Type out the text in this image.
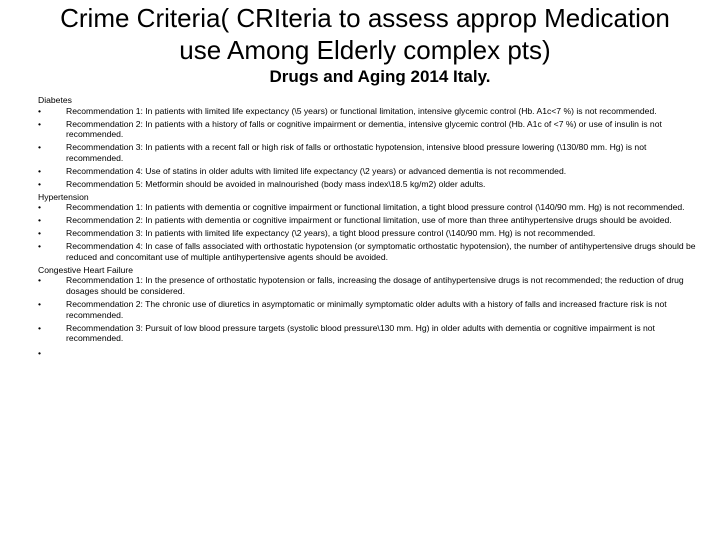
Crime Criteria( CRIteria to assess approp Medication use Among Elderly complex pts)
Drugs and Aging 2014 Italy.
Diabetes
•	Recommendation 1: In patients with limited life expectancy (\5 years) or functional limitation, intensive glycemic control (Hb. A1c<7 %) is not recommended.
•	Recommendation 2: In patients with a history of falls or cognitive impairment or dementia, intensive glycemic control (Hb. A1c of <7 %) or use of insulin is not recommended.
•	Recommendation 3: In patients with a recent fall or high risk of falls or orthostatic hypotension, intensive blood pressure lowering (\130/80 mm. Hg) is not recommended.
•	Recommendation 4: Use of statins in older adults with limited life expectancy (\2 years) or advanced dementia is not recommended.
•	Recommendation 5: Metformin should be avoided in malnourished (body mass index\18.5 kg/m2) older adults.
Hypertension
•	Recommendation 1: In patients with dementia or cognitive impairment or functional limitation, a tight blood pressure control (\140/90 mm. Hg) is not recommended.
•	Recommendation 2: In patients with dementia or cognitive impairment or functional limitation, use of more than three antihypertensive drugs should be avoided.
•	Recommendation 3: In patients with limited life expectancy (\2 years), a tight blood pressure control (\140/90 mm. Hg) is not recommended.
•	Recommendation 4: In case of falls associated with orthostatic hypotension (or symptomatic orthostatic hypotension), the number of antihypertensive drugs should be reduced and concomitant use of multiple antihypertensive agents should be avoided.
Congestive Heart Failure
•	Recommendation 1: In the presence of orthostatic hypotension or falls, increasing the dosage of antihypertensive drugs is not recommended; the reduction of drug dosages should be considered.
•	Recommendation 2: The chronic use of diuretics in asymptomatic or minimally symptomatic older adults with a history of falls and increased fracture risk is not recommended.
•	Recommendation 3: Pursuit of low blood pressure targets (systolic blood pressure\130 mm. Hg) in older adults with dementia or cognitive impairment is not recommended.
•
